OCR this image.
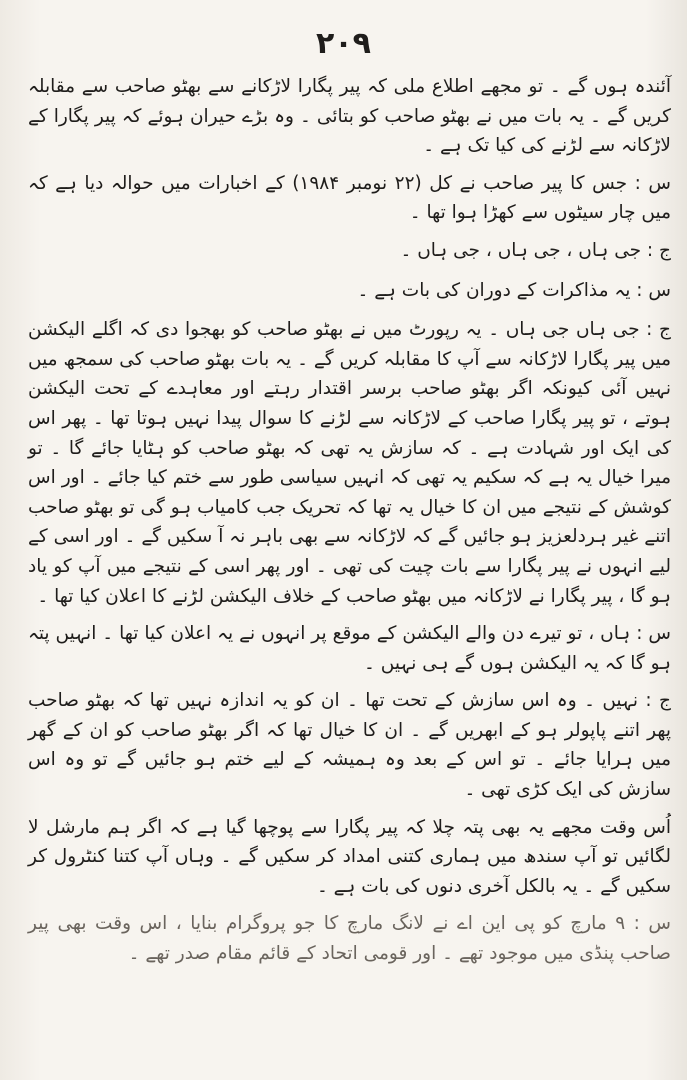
۲۰۹

آئندہ ہوں گے ۔ تو مجھے اطلاع ملی کہ پیر پگارا لاڑکانے سے بھٹو صاحب سے مقابلہ کریں گے ۔ یہ بات میں نے بھٹو صاحب کو بتائی ۔ وہ بڑے حیران ہوئے کہ پیر پگارا کے لاڑکانہ سے لڑنے کی کیا تک ہے ۔

س : جس کا پیر صاحب نے کل (۲۲ نومبر ۱۹۸۴) کے اخبارات میں حوالہ دیا ہے کہ میں چار سیٹوں سے کھڑا ہوا تھا ۔

ج : جی ہاں ، جی ہاں ، جی ہاں ۔

س : یہ مذاکرات کے دوران کی بات ہے ۔

ج : جی ہاں جی ہاں ۔ یہ رپورٹ میں نے بھٹو صاحب کو بھجوا دی کہ اگلے الیکشن میں پیر پگارا لاڑکانہ سے آپ کا مقابلہ کریں گے ۔ یہ بات بھٹو صاحب کی سمجھ میں نہیں آئی کیونکہ اگر بھٹو صاحب برسر اقتدار رہتے اور معاہدے کے تحت الیکشن ہوتے ، تو پیر پگارا صاحب کے لاڑکانہ سے لڑنے کا سوال پیدا نہیں ہوتا تھا ۔ پھر اس کی ایک اور شہادت ہے ۔ کہ سازش یہ تھی کہ بھٹو صاحب کو ہٹایا جائے گا ۔ تو میرا خیال یہ ہے کہ سکیم یہ تھی کہ انہیں سیاسی طور سے ختم کیا جائے ۔ اور اس کوشش کے نتیجے میں ان کا خیال یہ تھا کہ تحریک جب کامیاب ہو گی تو بھٹو صاحب اتنے غیر ہردلعزیز ہو جائیں گے کہ لاڑکانہ سے بھی باہر نہ آ سکیں گے ۔ اور اسی کے لیے انہوں نے پیر پگارا سے بات چیت کی تھی ۔ اور پھر اسی کے نتیجے میں آپ کو یاد ہو گا ، پیر پگارا نے لاڑکانہ میں بھٹو صاحب کے خلاف الیکشن لڑنے کا اعلان کیا تھا ۔

س : ہاں ، تو تیرے دن والے الیکشن کے موقع پر انہوں نے یہ اعلان کیا تھا ۔ انہیں پتہ ہو گا کہ یہ الیکشن ہوں گے ہی نہیں ۔

ج : نہیں ۔ وہ اس سازش کے تحت تھا ۔ ان کو یہ اندازہ نہیں تھا کہ بھٹو صاحب پھر اتنے پاپولر ہو کے ابھریں گے ۔ ان کا خیال تھا کہ اگر بھٹو صاحب کو ان کے گھر میں ہرایا جائے ۔ تو اس کے بعد وہ ہمیشہ کے لیے ختم ہو جائیں گے تو وہ اس سازش کی ایک کڑی تھی ۔

اُس وقت مجھے یہ بھی پتہ چلا کہ پیر پگارا سے پوچھا گیا ہے کہ اگر ہم مارشل لا لگائیں تو آپ سندھ میں ہماری کتنی امداد کر سکیں گے ۔ وہاں آپ کتنا کنٹرول کر سکیں گے ۔ یہ بالکل آخری دنوں کی بات ہے ۔

س : ۹ مارچ کو پی این اے نے لانگ مارچ کا جو پروگرام بنایا ، اس وقت بھی پیر صاحب پنڈی میں موجود تھے ۔ اور قومی اتحاد کے قائم مقام صدر تھے ۔
